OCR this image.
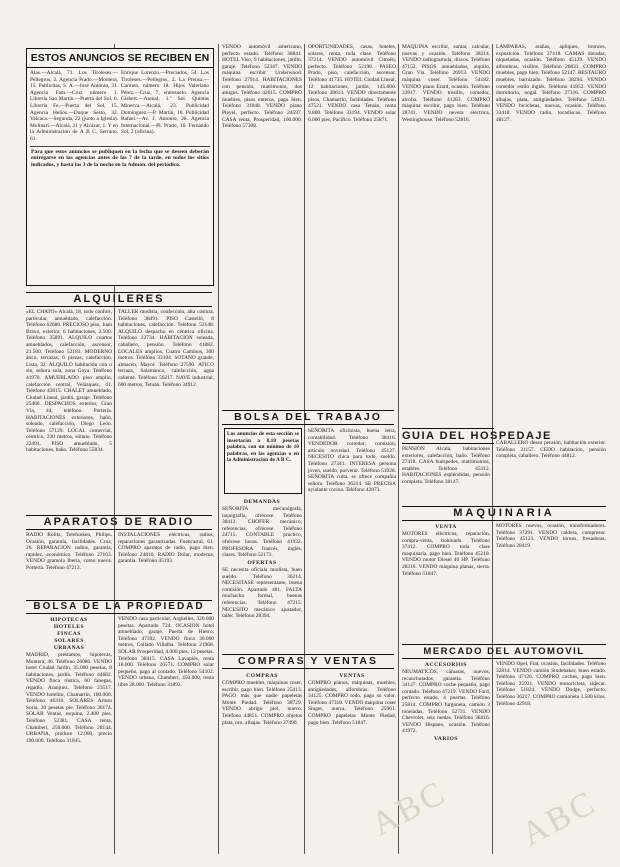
ESTOS ANUNCIOS SE RECIBEN EN
Alas.—Alcalá, 71. Los Tiroleses.—Pellegros, 2. Agencia Prado.—Montera, 15. Publicitas, S. A.—José Antonio, 31. Agencia Fam.—Cruz número 1. Librería San Martín.—Puerta del Sol, 6. Librería Fe.—Puerta del Sol, 15. Agencia Helios.—Duque Sesto, 32. Valcaca.—Segunda, 22 (junto a Iglesia). Molinari.—Alcalá, 21 y Alcázar, 1. Y en la Administración de A B C, Serrano, 61.
Enrique Lorenzo.—Preciados, 54. Los Tiroleses.—Pellegros, 2. La Prensa.—Carmen, número 18. Hijos Valeriano Pérez.—Cruz, 7, entresuelo. Agencia Gisbert.—Arenal, 1.º Sol. Quintas Minerva.—Alcalá, 23. Publicidad Domínguez.—P. Martín, 10. Publicidad Rafael.—Av. J. Antonio, 28. Agencia Internacional.—Pl. Prado, 16. Fernando Sol, 2 (oficina).
Para que estos anuncios se publiquen en la fecha que se deseen deberán entregarse en las agencias antes de las 7 de la tarde, en todos los sitios indicados, y hasta las 3 de la noche en la Admón. del periódico.
ALQUILERES
«EL CHATO» Alcalá, 18, todo confort, particular, amueblado, calefacción. Teléfono 62680. PRECIOSO piso, Juan Bravo, exterior, 6 habitaciones, 2.500. Teléfono 35891. ALQUILO cuartos amueblados, calefacción, ascensor, 21.500. Teléfono 52183. MODERNO ático, terrazas, 6 piezas, calefacción. Lista, 32. ALQUILO habitación con o sin, señora sola, zona Goya. Teléfono 41970. AMUEBLADO piso amplio, calefacción central, Velázquez, 41. Teléfono 43015. CHALET amueblado, Ciudad Lineal, jardín, garaje. Teléfono 25460. DESPACHOS exterior, Gran Vía, 44, teléfono. Portería. HABITACIONES exteriores, baño, soleado, calefacción, Diego León. Teléfono 57129. LOCAL comercial, céntrico, 230 metros, sótano. Teléfono 22491. PISO amueblado, 5 habitaciones, baño. Teléfono 55834.
TALLER modista, confección, alta costura. Teléfono 38491. PISO Castelló, 8 habitaciones, calefacción. Teléfono 52148. ALQUILO despacho en céntrica oficina. Teléfono 22734. HABITACION soleada, caballero, pensión. Teléfono 41882. LOCALES amplios, Cuatro Caminos, 300 metros. Teléfono 33104. SOTANO grande, almacén, Mayor. Teléfono 27590. ATICO terraza, Salamanca, calefacción, agua caliente. Teléfono 56217. NAVE industrial, 600 metros, Tetuán. Teléfono 34912.
APARATOS DE RADIO
RADIO Rolitz, Telefunken, Philips. Ocasión, garantía, facilidades. Cruz, 26. REPARACION radios, garantía, rapidez, económico. Teléfono 27163. VENDO gramola Iberia, como nueva. Portería. Teléfono 47213.
INSTALACIONES eléctricas, radios, reparaciones garantizadas. Fuencarral, 61. COMPRO aparatos de radio, pago bien. Teléfono 24810. RADIO Dólar, moderna, garantía. Teléfono 45193.
BOLSA DE LA PROPIEDAD
HIPOTECAS
HOTELES
FINCAS
SOLARES
URBANAS
MADRID, préstamos, hipotecas, Montera, 46. Teléfono 26086. VENDO hotel Ciudad Jardín, 35.000 pesetas, 8 habitaciones, jardín. Teléfono 44682. VENDO finca rústica, 60 fanegas, regadío, Aranjuez. Teléfono 23517. VENDO hotelito, Chamartín, 180.000. Teléfono 46310. SOLARES Arturo Soria, 20 pesetas pie. Teléfono 36174. SOLAR Ventas, esquina, 2.400 pies. Teléfono 52381. CASA renta, Chamberí, 250.000. Teléfono 28144. URBANA, produce 12.000, precio 190.000. Teléfono 31045.
VENDO casa particular, Argüelles, 320.000 pesetas. Apartado 724. OCASION hotel amueblado, garaje, Puerta de Hierro. Teléfono 47392. VENDO finca 30.000 metros, Collado Villalba. Teléfono 21968. SOLAR Prosperidad, 4.000 pies, 12 pesetas. Teléfono 38415. CASA Lavapiés, renta 18.000. Teléfono 26571. COMPRO solar pequeño, pago al contado. Teléfono 54102. VENDO urbana, Chamberí, 450.000, renta libre 28.000. Teléfono 31892.
VENDO automóvil americano, perfecto estado. Teléfono 38841. HOTEL Viso, 9 habitaciones, jardín, garaje. Teléfono 52347. VENDO máquina escribir Underwood. Teléfono 27914. HABITACIONES con pensión, matrimonio, dos amigos. Teléfono 42615. COMPRO muebles, pisos enteros, pago bien. Teléfono 31048. VENDO piano Pleyel, perfecto. Teléfono 24597. CASA renta, Prosperidad, 160.000. Teléfono 57308.
BOLSA DEL TRABAJO
Los anuncios de esta sección se insertarán a 0,10 pesetas palabra, con un mínimo de 10 palabras, en las agencias o en la Administración de A B C.
DEMANDAS
SEÑORITA mecanógrafa, taquigrafía, ofrécese. Teléfono 38412. CHOFER mecánico, referencias, ofrécese. Teléfono 24715. CONTABLE práctico, ofrécese horas. Teléfono 41932. PROFESORA francés, inglés, clases. Teléfono 52173.
OFERTAS
SE necesita oficiala modista, buen sueldo. Teléfono 36214. NECESITASE representante, buena comisión. Apartado 481. FALTA muchacha formal, buenas referencias. Teléfono 47215. NECESITO mecánico ajustador, taller. Teléfono 28394.
COMPRAS Y VENTAS
COMPRAS
COMPRO muebles, máquinas coser, escribir, pago bien. Teléfono 25413. PAGO más que nadie papeletas Monte Piedad. Teléfono 38729. VENDO abrigo piel, nuevo. Teléfono 44851. COMPRO objetos plata, oro, alhajas. Teléfono 27490.
OPORTUNIDADES, casas, hoteles, solares, renta, toda clase. Teléfono 37214. VENDO automóvil Citroën, perfecto. Teléfono 52198. PASEO Prado, piso, calefacción, ascensor. Teléfono 41735. HOTEL Ciudad Lineal, 12 habitaciones, jardín, 145.000. Teléfono 28613. VENDO directamente pisos, Chamartín, facilidades. Teléfono 47521. VENDO casa Tetuán, renta 9.800. Teléfono 33194. VENDO solar 6.000 pies, Pacífico. Teléfono 25871.
SEÑORITA oficinista, buena letra, contabilidad. Teléfono 38416. VENDEDOR corredor, comisión, artículo novedad. Teléfono 45127. NECESITO chica para todo, sueldo. Teléfono 27341. INTERESA persona joven, sueldo, porvenir. Teléfono 51928. SEÑORITA culta, se ofrece compañía señora. Teléfono 36214. SE PRECISA ayudante cocina. Teléfono 42873.
VENTAS
COMPRO pianos, máquinas, muebles, antigüedades, alfombras. Teléfono 34125. COMPRO todo, pago su valor. Teléfono 47318. VENDO máquina coser Singer, nueva. Teléfono 25961. COMPRO papeletas Monte Piedad, pago bien. Teléfono 51847.
MAQUINA escribir, sumar, calcular, nuevas y ocasión. Teléfono 38214. VENDO radiogramola, discos. Teléfono 47152. PISOS amueblados, alquilo, Gran Vía. Teléfono 26913. VENDO máquina coser. Teléfono 54182. VENDO piano Erard, ocasión. Teléfono 33917. VENDO tresillo, comedor, alcoba. Teléfono 41283. COMPRO máquina escribir, pago bien. Teléfono 28741. VENDO nevera eléctrica, Westinghouse. Teléfono 52816.
GUIA DEL HOSPEDAJE
PENSION Alcalá, habitaciones exteriores, calefacción, baño. Teléfono 27418. CASA huéspedes, matrimonios, estables. Teléfono 45312. HABITACIONES espléndidas, pensión completa. Teléfono 38147.
CABALLERO desea pensión, habitación exterior. Teléfono 31157. CEDO habitación, pensión completa, caballero. Teléfono 44812.
MAQUINARIA
VENTA
MOTORES eléctricos, reparación, compra-venta, bobinado. Teléfono 37412. COMPRO toda clase maquinaria, pago bien. Teléfono 45218. VENDO motor Diesel 40 HP. Teléfono 28316. VENDO máquina planas, sierra. Teléfono 51847.
MOTORES nuevos, ocasión, transformadores. Teléfono 37291. VENDO caldera, compresor. Teléfono 45123. VENDO tornos, fresadoras. Teléfono 28419.
MERCADO DEL AUTOMOVIL
ACCESORIOS
NEUMATICOS, cámaras, nuevos, recauchutados, garantía. Teléfono 34127. COMPRO coche pequeño, pago contado. Teléfono 47219. VENDO Ford, perfecto estado, 4 puertas. Teléfono 25814. COMPRO furgoneta, camión 3 toneladas. Teléfono 52731. VENDO Chevrolet, seis ruedas. Teléfono 38416. VENDO Hispano, ocasión. Teléfono 41972.
VARIOS
VENDO Opel, Fiat, ocasión, facilidades. Teléfono 32814. VENDO camión Studebaker, buen estado. Teléfono 47126. COMPRO coches, pago bien. Teléfono 25931. VENDO motocicleta, sidecar. Teléfono 51824. VENDO Dodge, perfecto. Teléfono 36217. COMPRO camioneta 1.500 kilos. Teléfono 42918.
LAMPARAS, arañas, apliques, bronces, exposición. Teléfono 37418. CAMAS doradas, niqueladas, ocasión. Teléfono 45129. VENDO alfombras, visillos. Teléfono 26831. COMPRO muebles, pago bien. Teléfono 52147. RESTAURO muebles, barnizado. Teléfono 38294. VENDO comedor estilo inglés. Teléfono 41852. VENDO dormitorio, nogal. Teléfono 27316. COMPRO alhajas, plata, antigüedades. Teléfono 54921. VENDO bicicletas, nuevas, ocasión. Teléfono 33418. VENDO radio, tocadiscos. Teléfono 48127.
ABC ABC
